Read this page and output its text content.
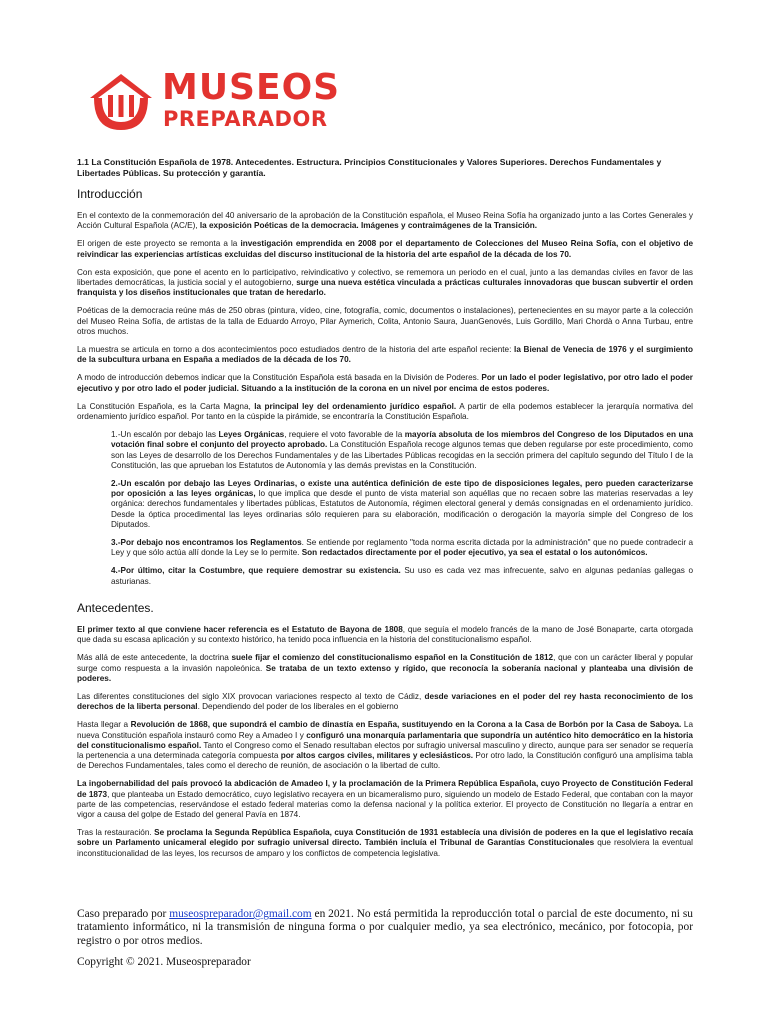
MUSEOS
PREPARADOR
1.1 La Constitución Española de 1978. Antecedentes. Estructura. Principios Constitucionales y Valores Superiores. Derechos Fundamentales y Libertades Públicas. Su protección y garantía.
Introducción

En el contexto de la conmemoración del 40 aniversario de la aprobación de la Constitución española, el Museo Reina Sofía ha organizado junto a las Cortes Generales y Acción Cultural Española (AC/E), la exposición Poéticas de la democracia. Imágenes y contraimágenes de la Transición.

El origen de este proyecto se remonta a la investigación emprendida en 2008 por el departamento de Colecciones del Museo Reina Sofía, con el objetivo de reivindicar las experiencias artísticas excluidas del discurso institucional de la historia del arte español de la década de los 70.

Con esta exposición, que pone el acento en lo participativo, reivindicativo y colectivo, se rememora un periodo en el cual, junto a las demandas civiles en favor de las libertades democráticas, la justicia social y el autogobierno, surge una nueva estética vinculada a prácticas culturales innovadoras que buscan subvertir el orden franquista y los diseños institucionales que tratan de heredarlo.

Poéticas de la democracia reúne más de 250 obras (pintura, vídeo, cine, fotografía, comic, documentos o instalaciones), pertenecientes en su mayor parte a la colección del Museo Reina Sofía, de artistas de la talla de Eduardo Arroyo, Pilar Aymerich, Colita, Antonio Saura, JuanGenovés, Luis Gordillo, Mari Chordà o Anna Turbau, entre otros muchos.

La muestra se articula en torno a dos acontecimientos poco estudiados dentro de la historia del arte español reciente: la Bienal de Venecia de 1976 y el surgimiento de la subcultura urbana en España a mediados de la década de los 70.

A modo de introducción debemos indicar que la Constitución Española está basada en la División de Poderes. Por un lado el poder legislativo, por otro lado el poder ejecutivo y por otro lado el poder judicial. Situando a la institución de la corona en un nivel por encima de estos poderes.

La Constitución Española, es la Carta Magna, la principal ley del ordenamiento jurídico español. A partir de ella podemos establecer la jerarquía normativa del ordenamiento jurídico español. Por tanto en la cúspide la pirámide, se encontraría la Constitución Española.

1.-Un escalón por debajo las Leyes Orgánicas, requiere el voto favorable de la mayoría absoluta de los miembros del Congreso de los Diputados en una votación final sobre el conjunto del proyecto aprobado. La Constitución Española recoge algunos temas que deben regularse por este procedimiento, como son las Leyes de desarrollo de los Derechos Fundamentales y de las Libertades Públicas recogidas en la sección primera del capítulo segundo del Título I de la Constitución, las que aprueban los Estatutos de Autonomía y las demás previstas en la Constitución.

2.-Un escalón por debajo las Leyes Ordinarias, o existe una auténtica definición de este tipo de disposiciones legales, pero pueden caracterizarse por oposición a las leyes orgánicas, lo que implica que desde el punto de vista material son aquéllas que no recaen sobre las materias reservadas a ley orgánica: derechos fundamentales y libertades públicas, Estatutos de Autonomía, régimen electoral general y demás consignadas en el ordenamiento jurídico. Desde la óptica procedimental las leyes ordinarias sólo requieren para su elaboración, modificación o derogación la mayoría simple del Congreso de los Diputados.

3.-Por debajo nos encontramos los Reglamentos. Se entiende por reglamento "toda norma escrita dictada por la administración" que no puede contradecir a Ley y que sólo actúa allí donde la Ley se lo permite. Son redactados directamente por el poder ejecutivo, ya sea el estatal o los autonómicos.

4.-Por último, citar la Costumbre, que requiere demostrar su existencia. Su uso es cada vez mas infrecuente, salvo en algunas pedanías gallegas o asturianas.

Antecedentes.

El primer texto al que conviene hacer referencia es el Estatuto de Bayona de 1808, que seguía el modelo francés de la mano de José Bonaparte, carta otorgada que dada su escasa aplicación y su contexto histórico, ha tenido poca influencia en la historia del constitucionalismo español.

Más allá de este antecedente, la doctrina suele fijar el comienzo del constitucionalismo español en la Constitución de 1812, que con un carácter liberal y popular surge como respuesta a la invasión napoleónica. Se trataba de un texto extenso y rígido, que reconocía la soberanía nacional y planteaba una división de poderes.

Las diferentes constituciones del siglo XIX provocan variaciones respecto al texto de Cádiz, desde variaciones en el poder del rey hasta reconocimiento de los derechos de la liberta personal. Dependiendo del poder de los liberales en el gobierno

Hasta llegar a Revolución de 1868, que supondrá el cambio de dinastía en España, sustituyendo en la Corona a la Casa de Borbón por la Casa de Saboya. La nueva Constitución española instauró como Rey a Amadeo I y configuró una monarquía parlamentaria que supondría un auténtico hito democrático en la historia del constitucionalismo español. Tanto el Congreso como el Senado resultaban electos por sufragio universal masculino y directo, aunque para ser senador se requería la pertenencia a una determinada categoría compuesta por altos cargos civiles, militares y eclesiásticos. Por otro lado, la Constitución configuró una amplísima tabla de Derechos Fundamentales, tales como el derecho de reunión, de asociación o la libertad de culto.

La ingobernabilidad del país provocó la abdicación de Amadeo I, y la proclamación de la Primera República Española, cuyo Proyecto de Constitución Federal de 1873, que planteaba un Estado democrático, cuyo legislativo recayera en un bicameralismo puro, siguiendo un modelo de Estado Federal, que contaban con la mayor parte de las competencias, reservándose el estado federal materias como la defensa nacional y la política exterior. El proyecto de Constitución no llegaría a entrar en vigor a causa del golpe de Estado del general Pavía en 1874.

Tras la restauración. Se proclama la Segunda República Española, cuya Constitución de 1931 establecía una división de poderes en la que el legislativo recaía sobre un Parlamento unicameral elegido por sufragio universal directo. También incluía el Tribunal de Garantías Constitucionales que resolviera la eventual inconstitucionalidad de las leyes, los recursos de amparo y los conflictos de competencia legislativa.

Caso preparado por museospreparador@gmail.com en 2021. No está permitida la reproducción total o parcial de este documento, ni su tratamiento informático, ni la transmisión de ninguna forma o por cualquier medio, ya sea electrónico, mecánico, por fotocopia, por registro o por otros medios.

Copyright © 2021. Museospreparador
